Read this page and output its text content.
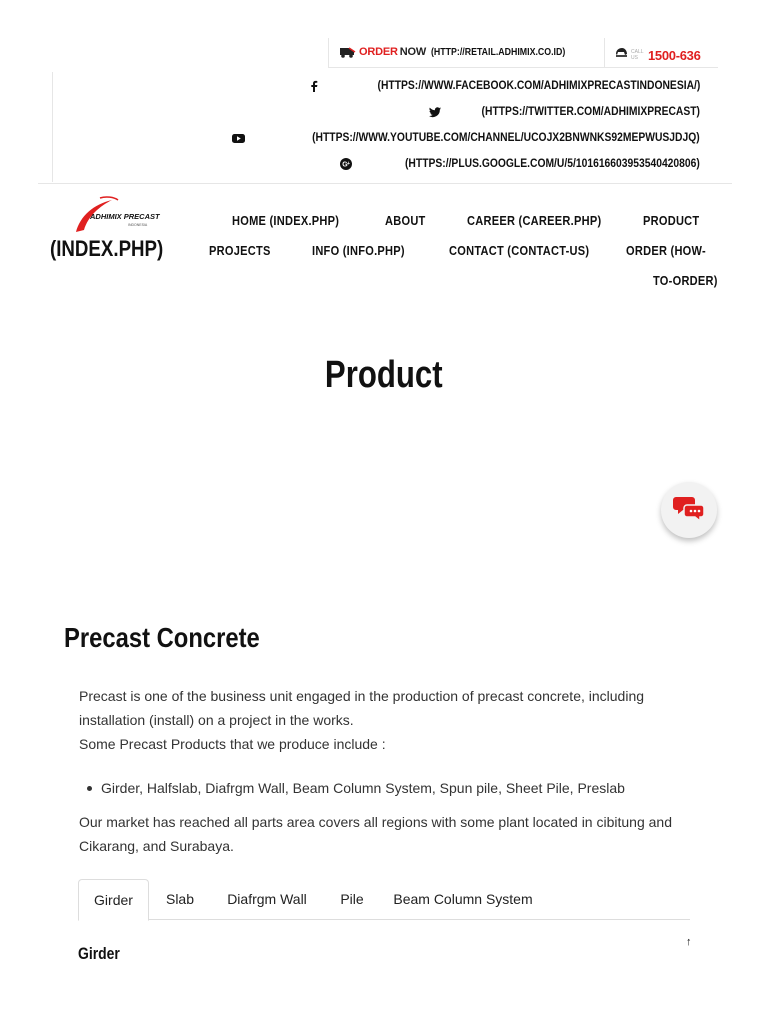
ORDER NOW (HTTP://RETAIL.ADHIMIX.CO.ID)	CALL US 1500-636
(HTTPS://WWW.FACEBOOK.COM/ADHIMIXPRECASTINDONESIA/)
(HTTPS://TWITTER.COM/ADHIMIXPRECAST)
(HTTPS://WWW.YOUTUBE.COM/CHANNEL/UCOJX2BNWNKS92MEPWUSJDJQ)
G +	(HTTPS://PLUS.GOOGLE.COM/U/5/101616603953540420806)
ADHIMIX PRECAST
INDONESIA
(INDEX.PHP)
HOME (INDEX.PHP)	ABOUT	CAREER (CAREER.PHP)	PRODUCT
PROJECTS	INFO (INFO.PHP)	CONTACT (CONTACT-US)	ORDER (HOW-
TO-ORDER)
Product
Precast Concrete
Precast is one of the business unit engaged in the production of precast concrete, including
installation (install) on a project in the works.
Some Precast Products that we produce include :
Girder, Halfslab, Diafrgm Wall, Beam Column System, Spun pile, Sheet Pile, Preslab
Our market has reached all parts area covers all regions with some plant located in cibitung and
Cikarang, and Surabaya.
Girder	Slab	Diafrgm Wall	Pile	Beam Column System
Girder
↑
